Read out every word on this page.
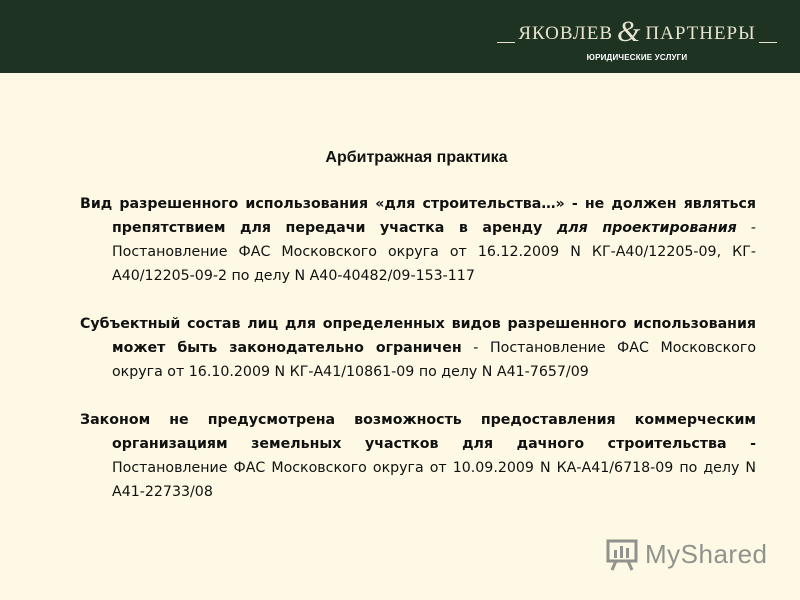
ЯКОВЛЕВ & ПАРТНЕРЫ
ЮРИДИЧЕСКИЕ УСЛУГИ
Арбитражная практика

Вид разрешенного использования «для строительства…» - не должен являться препятствием для передачи участка в аренду для проектирования - Постановление ФАС Московского округа от 16.12.2009 N КГ-А40/12205-09, КГ-А40/12205-09-2 по делу N А40-40482/09-153-117

Субъектный состав лиц для определенных видов разрешенного использования может быть законодательно ограничен - Постановление ФАС Московского округа от 16.10.2009 N КГ-А41/10861-09 по делу N А41-7657/09

Законом не предусмотрена возможность предоставления коммерческим организациям земельных участков для дачного строительства - Постановление ФАС Московского округа от 10.09.2009 N КА-А41/6718-09 по делу N А41-22733/08

MyShared
